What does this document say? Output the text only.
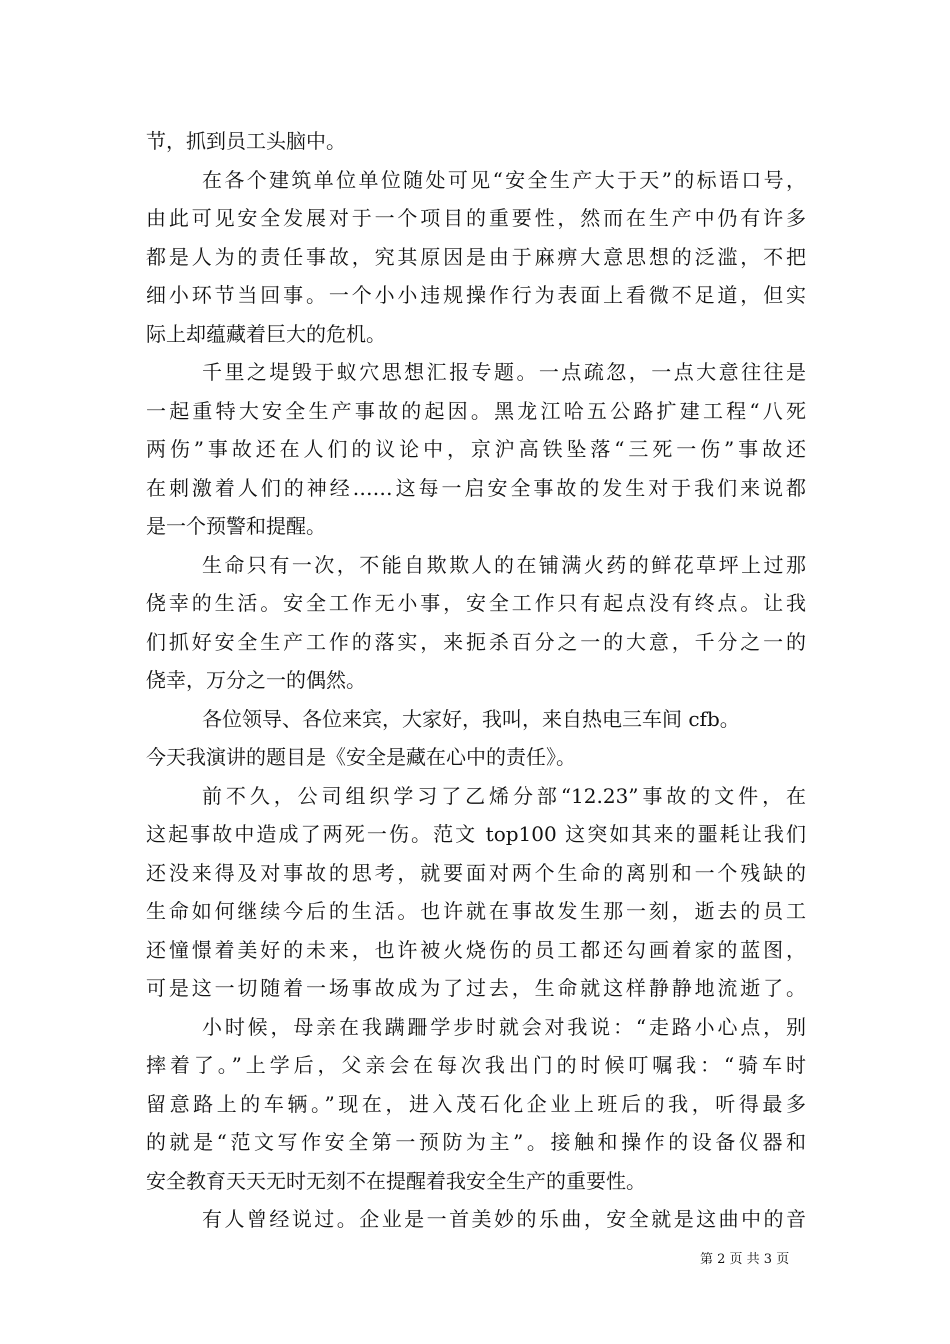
节，抓到员工头脑中。
在各个建筑单位单位随处可见“安全生产大于天”的标语口号，
由此可见安全发展对于一个项目的重要性，然而在生产中仍有许多
都是人为的责任事故，究其原因是由于麻痹大意思想的泛滥，不把
细小环节当回事。一个小小违规操作行为表面上看微不足道，但实
际上却蕴藏着巨大的危机。
千里之堤毁于蚁穴思想汇报专题。一点疏忽，一点大意往往是
一起重特大安全生产事故的起因。黑龙江哈五公路扩建工程“八死
两伤”事故还在人们的议论中，京沪高铁坠落“三死一伤”事故还
在刺激着人们的神经……这每一启安全事故的发生对于我们来说都
是一个预警和提醒。
生命只有一次，不能自欺欺人的在铺满火药的鲜花草坪上过那
侥幸的生活。安全工作无小事，安全工作只有起点没有终点。让我
们抓好安全生产工作的落实，来扼杀百分之一的大意，千分之一的
侥幸，万分之一的偶然。
各位领导、各位来宾，大家好，我叫，来自热电三车间 cfb。
今天我演讲的题目是《安全是藏在心中的责任》。
前不久，公司组织学习了乙烯分部“12.23”事故的文件，在
这起事故中造成了两死一伤。范文 top100 这突如其来的噩耗让我们
还没来得及对事故的思考，就要面对两个生命的离别和一个残缺的
生命如何继续今后的生活。也许就在事故发生那一刻，逝去的员工
还憧憬着美好的未来，也许被火烧伤的员工都还勾画着家的蓝图，
可是这一切随着一场事故成为了过去，生命就这样静静地流逝了。
小时候，母亲在我蹒跚学步时就会对我说：“走路小心点，别
摔着了。”上学后，父亲会在每次我出门的时候叮嘱我：“骑车时
留意路上的车辆。”现在，进入茂石化企业上班后的我，听得最多
的就是“范文写作安全第一预防为主”。接触和操作的设备仪器和
安全教育天天无时无刻不在提醒着我安全生产的重要性。
有人曾经说过。企业是一首美妙的乐曲，安全就是这曲中的音
第 2 页 共 3 页
